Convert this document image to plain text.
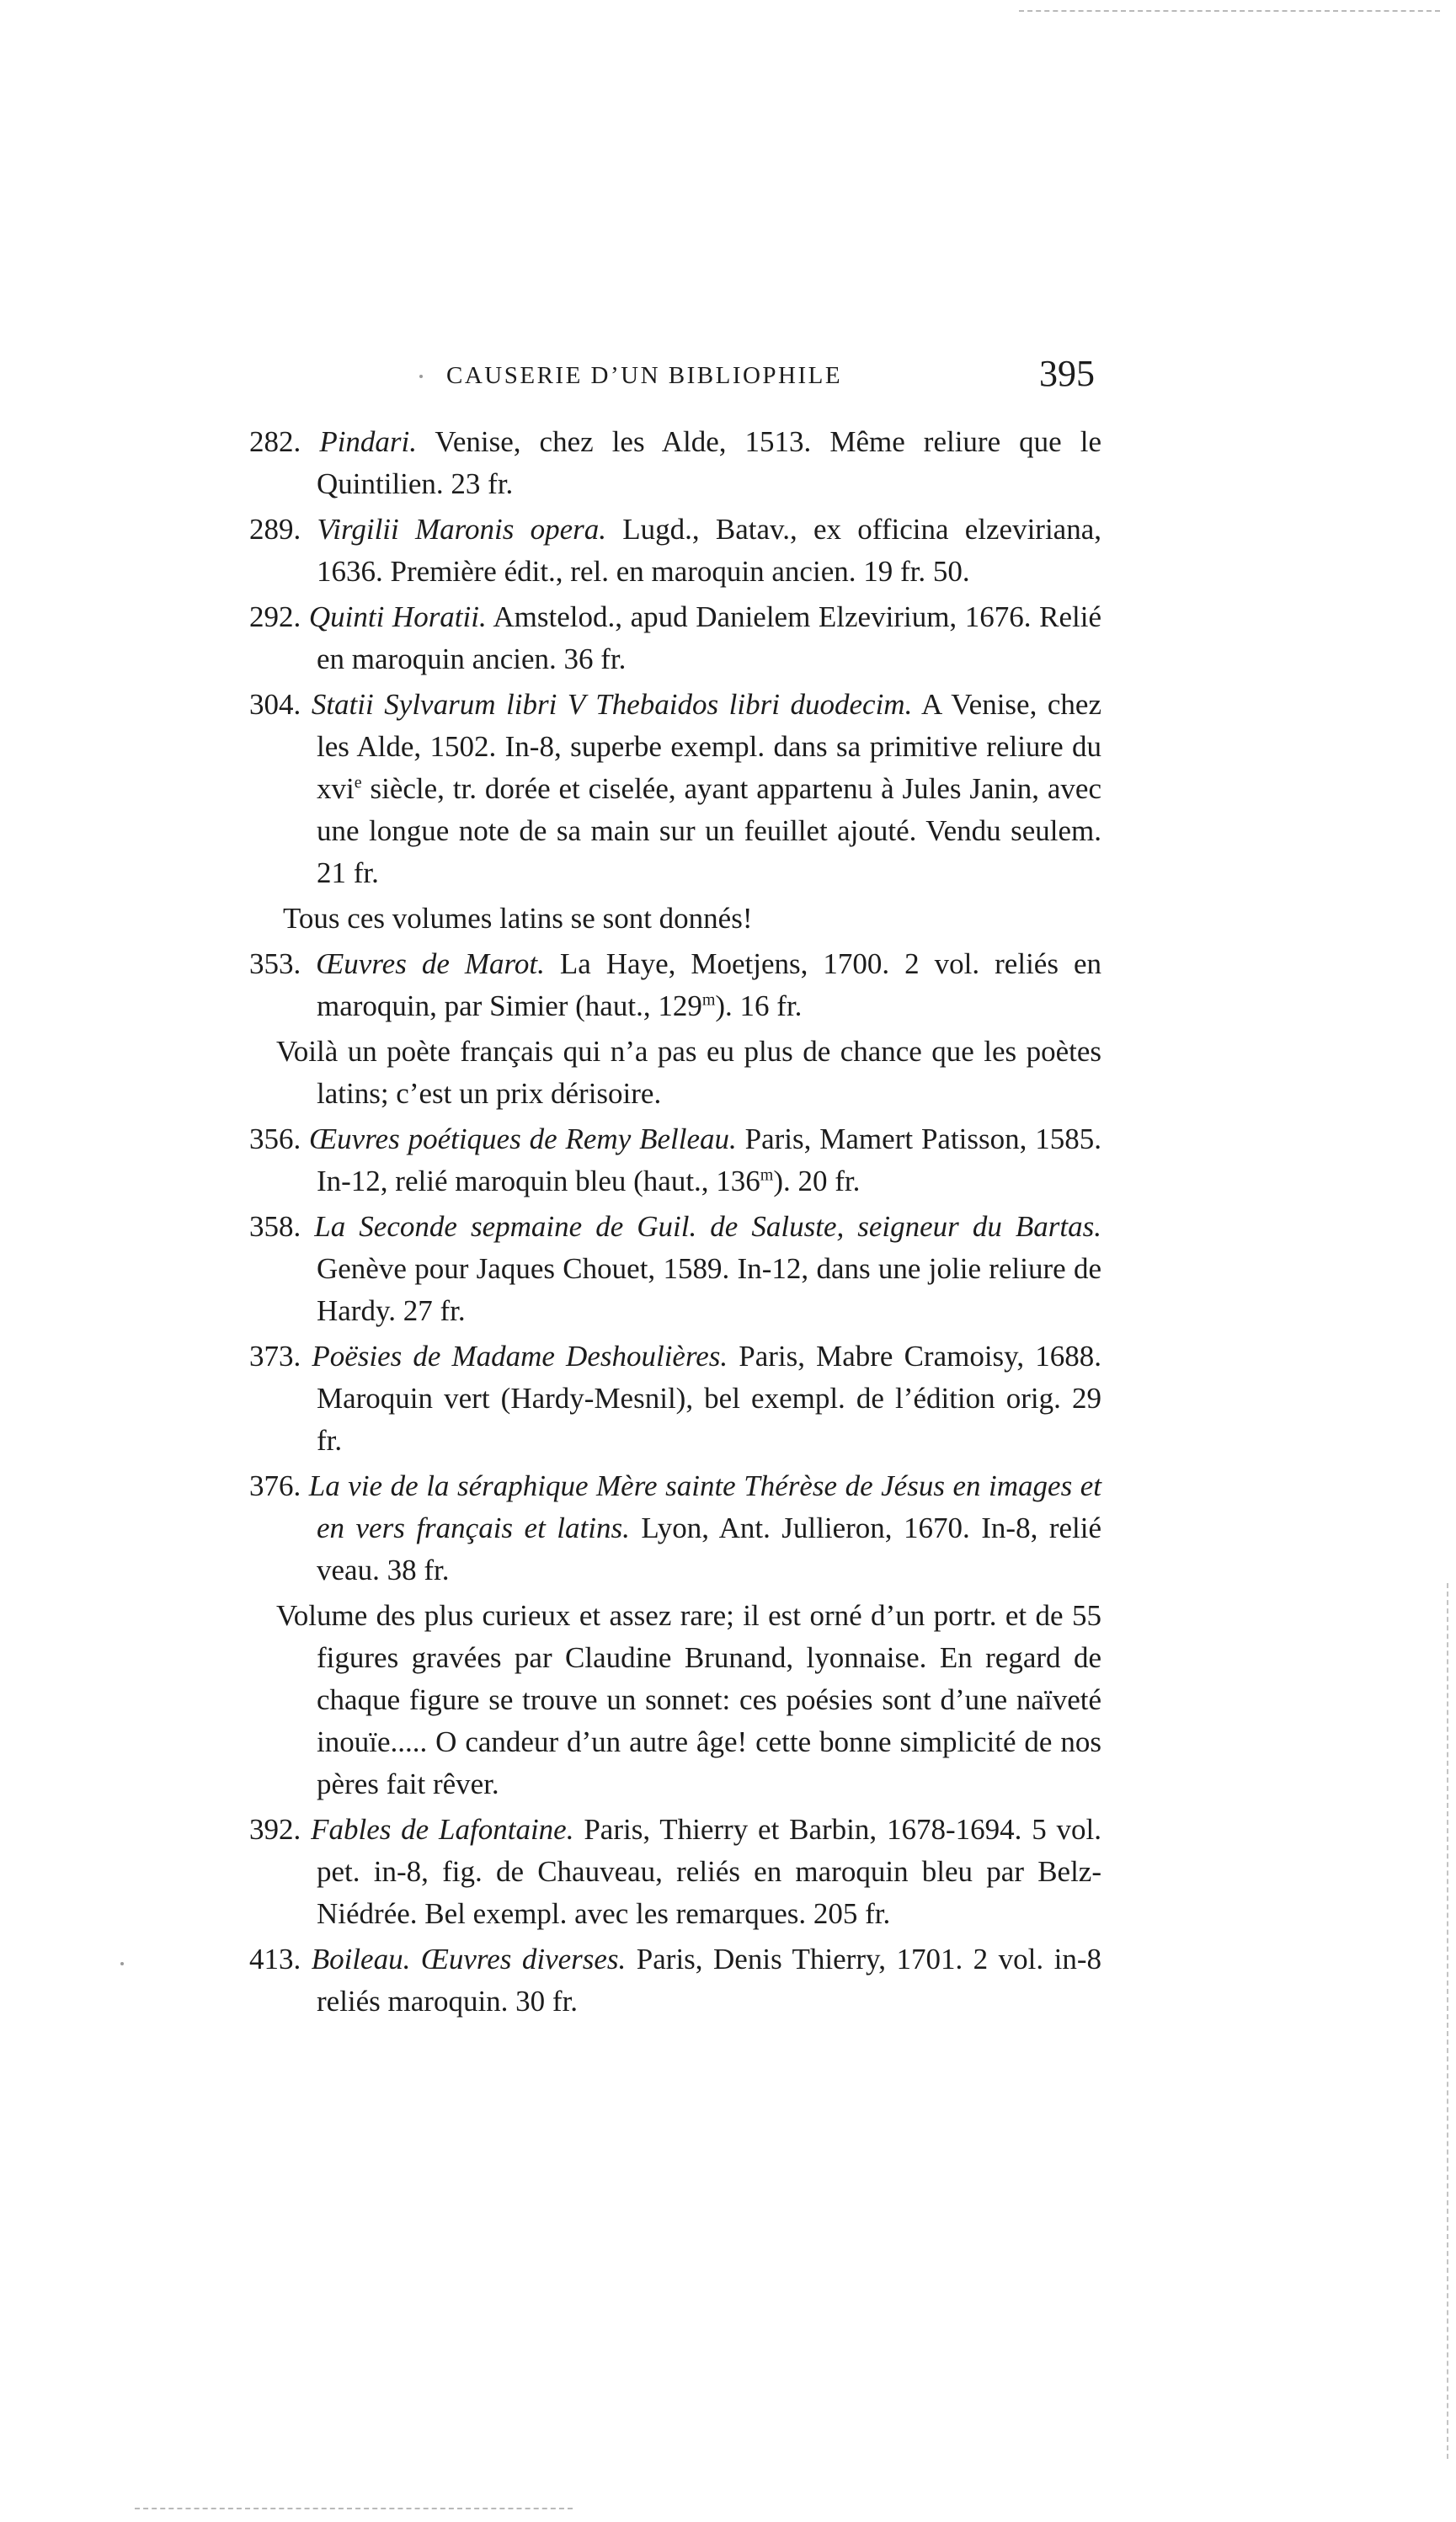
CAUSERIE D’UN BIBLIOPHILE	395

282. Pindari. Venise, chez les Alde, 1513. Même reliure que le Quintilien. 23 fr.

289. Virgilii Maronis opera. Lugd., Batav., ex officina elzeviriana, 1636. Première édit., rel. en maroquin ancien. 19 fr. 50.

292. Quinti Horatii. Amstelod., apud Danielem Elzevirium, 1676. Relié en maroquin ancien. 36 fr.

304. Statii Sylvarum libri V Thebaidos libri duodecim. A Venise, chez les Alde, 1502. In-8, superbe exempl. dans sa primitive reliure du xvi$^e$ siècle, tr. dorée et ciselée, ayant appartenu à Jules Janin, avec une longue note de sa main sur un feuillet ajouté. Vendu seulem. 21 fr.

Tous ces volumes latins se sont donnés!

353. Œuvres de Marot. La Haye, Moetjens, 1700. 2 vol. reliés en maroquin, par Simier (haut., 129$^m$). 16 fr.

Voilà un poète français qui n’a pas eu plus de chance que les poètes latins; c’est un prix dérisoire.

356. Œuvres poétiques de Remy Belleau. Paris, Mamert Patisson, 1585. In-12, relié maroquin bleu (haut., 136$^m$). 20 fr.

358. La Seconde sepmaine de Guil. de Saluste, seigneur du Bartas. Genève pour Jaques Chouet, 1589. In-12, dans une jolie reliure de Hardy. 27 fr.

373. Poësies de Madame Deshoulières. Paris, Mabre Cramoisy, 1688. Maroquin vert (Hardy-Mesnil), bel exempl. de l’édition orig. 29 fr.

376. La vie de la séraphique Mère sainte Thérèse de Jésus en images et en vers français et latins. Lyon, Ant. Jullieron, 1670. In-8, relié veau. 38 fr.

Volume des plus curieux et assez rare; il est orné d’un portr. et de 55 figures gravées par Claudine Brunand, lyonnaise. En regard de chaque figure se trouve un sonnet: ces poésies sont d’une naïveté inouïe..... O candeur d’un autre âge! cette bonne simplicité de nos pères fait rêver.

392. Fables de Lafontaine. Paris, Thierry et Barbin, 1678-1694. 5 vol. pet. in-8, fig. de Chauveau, reliés en maroquin bleu par Belz-Niédrée. Bel exempl. avec les remarques. 205 fr.

413. Boileau. Œuvres diverses. Paris, Denis Thierry, 1701. 2 vol. in-8 reliés maroquin. 30 fr.
